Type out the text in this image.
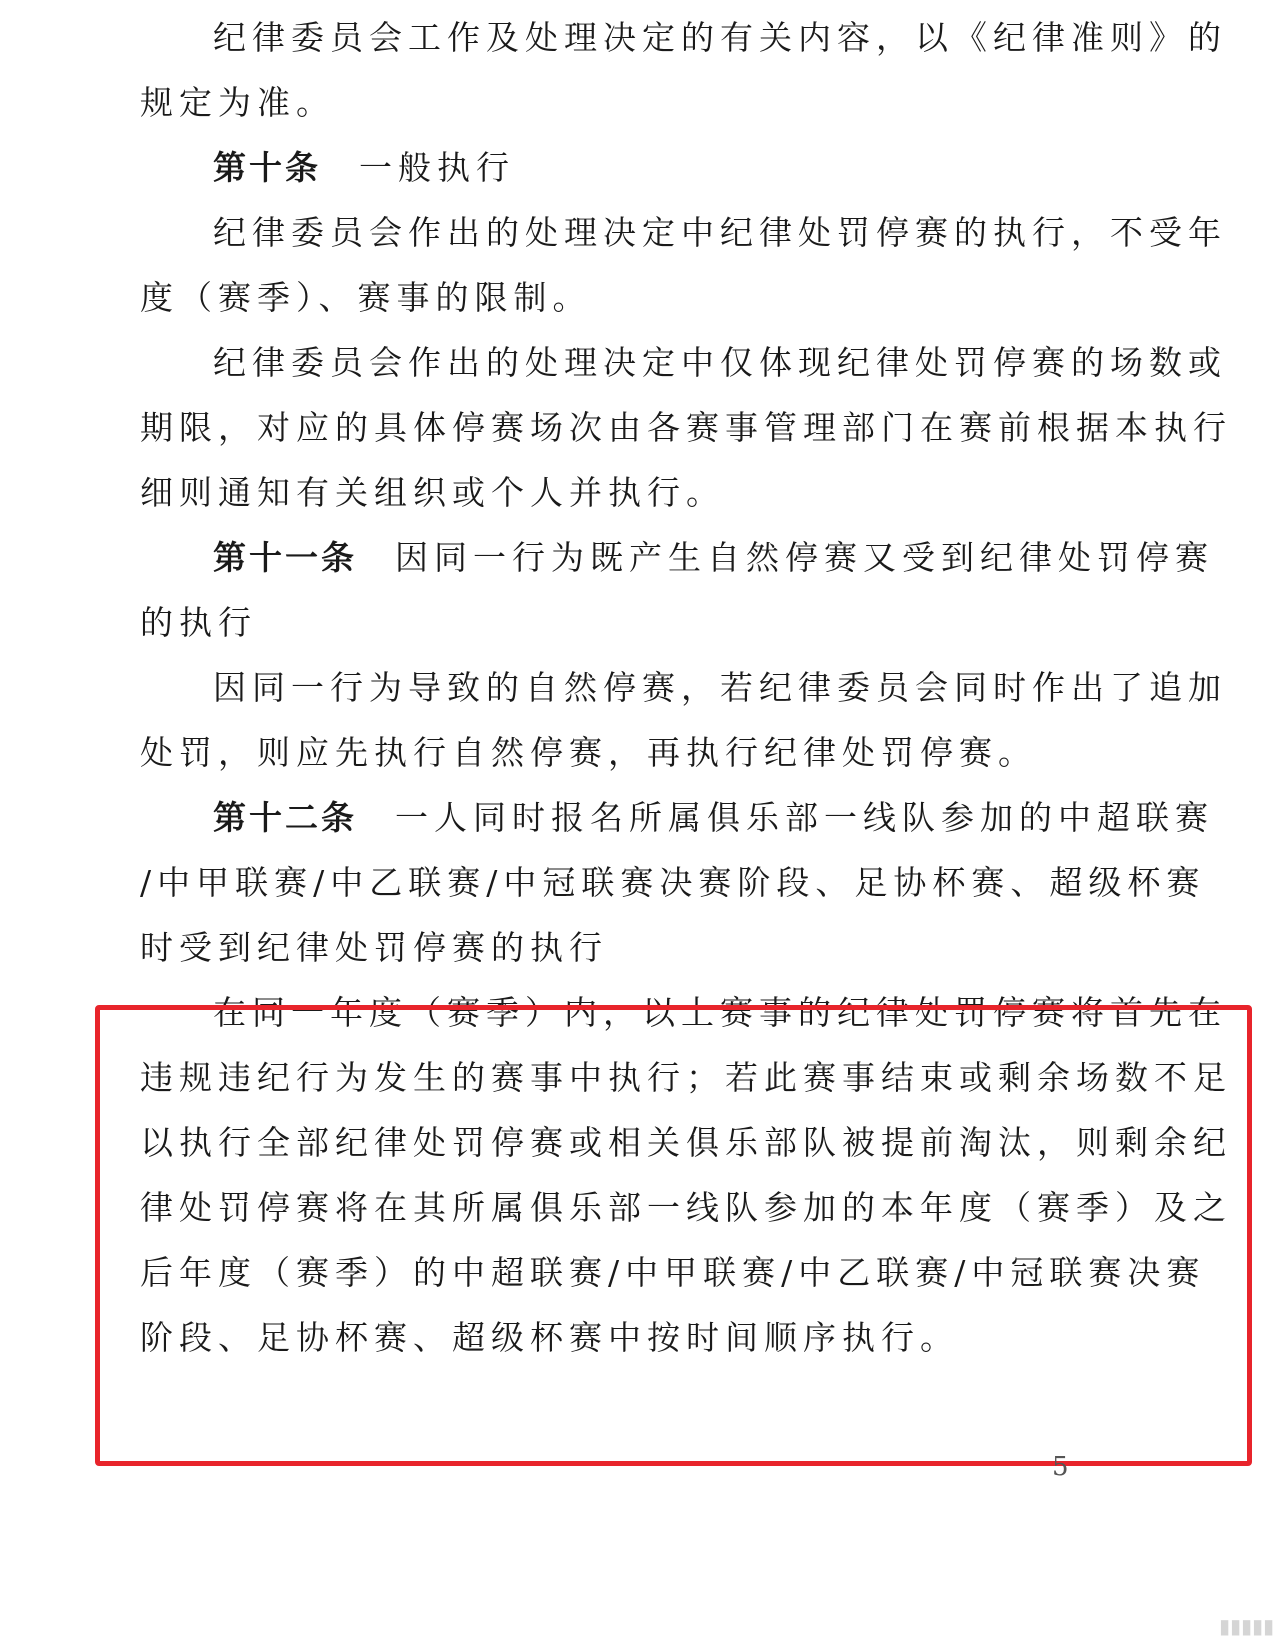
纪律委员会工作及处理决定的有关内容，以《纪律准则》的
规定为准。
第十条 一般执行
纪律委员会作出的处理决定中纪律处罚停赛的执行，不受年
度（赛季）、赛事的限制。
纪律委员会作出的处理决定中仅体现纪律处罚停赛的场数或
期限，对应的具体停赛场次由各赛事管理部门在赛前根据本执行
细则通知有关组织或个人并执行。
第十一条 因同一行为既产生自然停赛又受到纪律处罚停赛
的执行
因同一行为导致的自然停赛，若纪律委员会同时作出了追加
处罚，则应先执行自然停赛，再执行纪律处罚停赛。
第十二条 一人同时报名所属俱乐部一线队参加的中超联赛
/中甲联赛/中乙联赛/中冠联赛决赛阶段、足协杯赛、超级杯赛
时受到纪律处罚停赛的执行
在同一年度（赛季）内，以上赛事的纪律处罚停赛将首先在
违规违纪行为发生的赛事中执行；若此赛事结束或剩余场数不足
以执行全部纪律处罚停赛或相关俱乐部队被提前淘汰，则剩余纪
律处罚停赛将在其所属俱乐部一线队参加的本年度（赛季）及之
后年度（赛季）的中超联赛/中甲联赛/中乙联赛/中冠联赛决赛
阶段、足协杯赛、超级杯赛中按时间顺序执行。
5
▮▮▮▮▮
